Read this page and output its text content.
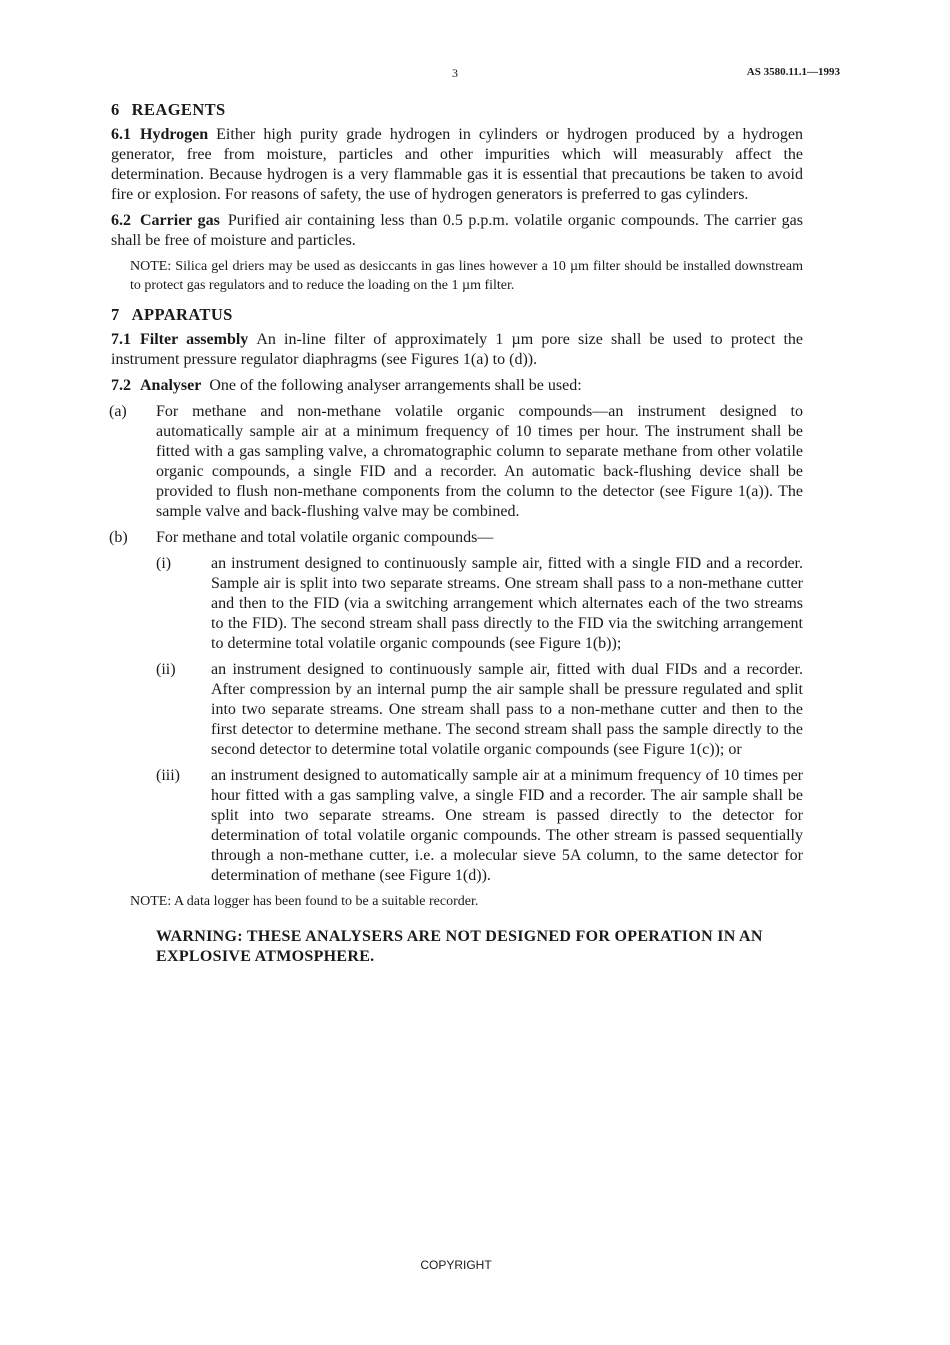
3	AS 3580.11.1—1993
6 REAGENTS

6.1 Hydrogen Either high purity grade hydrogen in cylinders or hydrogen produced by a hydrogen generator, free from moisture, particles and other impurities which will measurably affect the determination. Because hydrogen is a very flammable gas it is essential that precautions be taken to avoid fire or explosion. For reasons of safety, the use of hydrogen generators is preferred to gas cylinders.

6.2 Carrier gas Purified air containing less than 0.5 p.p.m. volatile organic compounds. The carrier gas shall be free of moisture and particles.

NOTE: Silica gel driers may be used as desiccants in gas lines however a 10 µm filter should be installed downstream to protect gas regulators and to reduce the loading on the 1 µm filter.

7 APPARATUS

7.1 Filter assembly An in-line filter of approximately 1 µm pore size shall be used to protect the instrument pressure regulator diaphragms (see Figures 1(a) to (d)).

7.2 Analyser One of the following analyser arrangements shall be used:

(a) For methane and non-methane volatile organic compounds—an instrument designed to automatically sample air at a minimum frequency of 10 times per hour. The instrument shall be fitted with a gas sampling valve, a chromatographic column to separate methane from other volatile organic compounds, a single FID and a recorder. An automatic back-flushing device shall be provided to flush non-methane components from the column to the detector (see Figure 1(a)). The sample valve and back-flushing valve may be combined.
(b) For methane and total volatile organic compounds—
(i) an instrument designed to continuously sample air, fitted with a single FID and a recorder. Sample air is split into two separate streams. One stream shall pass to a non-methane cutter and then to the FID (via a switching arrangement which alternates each of the two streams to the FID). The second stream shall pass directly to the FID via the switching arrangement to determine total volatile organic compounds (see Figure 1(b));
(ii) an instrument designed to continuously sample air, fitted with dual FIDs and a recorder. After compression by an internal pump the air sample shall be pressure regulated and split into two separate streams. One stream shall pass to a non-methane cutter and then to the first detector to determine methane. The second stream shall pass the sample directly to the second detector to determine total volatile organic compounds (see Figure 1(c)); or
(iii) an instrument designed to automatically sample air at a minimum frequency of 10 times per hour fitted with a gas sampling valve, a single FID and a recorder. The air sample shall be split into two separate streams. One stream is passed directly to the detector for determination of total volatile organic compounds. The other stream is passed sequentially through a non-methane cutter, i.e. a molecular sieve 5A column, to the same detector for determination of methane (see Figure 1(d)).

NOTE: A data logger has been found to be a suitable recorder.

WARNING: THESE ANALYSERS ARE NOT DESIGNED FOR OPERATION IN AN EXPLOSIVE ATMOSPHERE.

COPYRIGHT
